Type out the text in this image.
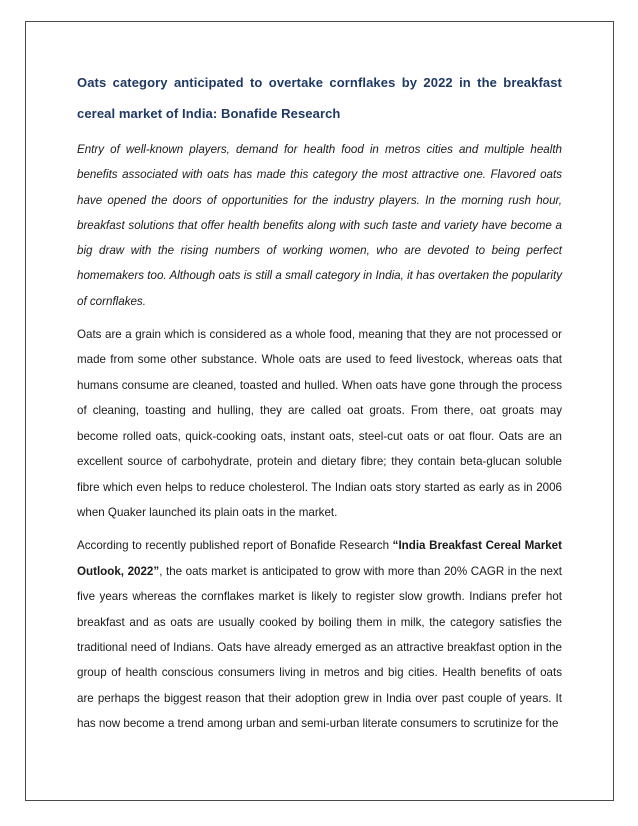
Oats category anticipated to overtake cornflakes by 2022 in the breakfast cereal market of India: Bonafide Research

Entry of well-known players, demand for health food in metros cities and multiple health benefits associated with oats has made this category the most attractive one. Flavored oats have opened the doors of opportunities for the industry players. In the morning rush hour, breakfast solutions that offer health benefits along with such taste and variety have become a big draw with the rising numbers of working women, who are devoted to being perfect homemakers too. Although oats is still a small category in India, it has overtaken the popularity of cornflakes.

Oats are a grain which is considered as a whole food, meaning that they are not processed or made from some other substance. Whole oats are used to feed livestock, whereas oats that humans consume are cleaned, toasted and hulled. When oats have gone through the process of cleaning, toasting and hulling, they are called oat groats. From there, oat groats may become rolled oats, quick-cooking oats, instant oats, steel-cut oats or oat flour. Oats are an excellent source of carbohydrate, protein and dietary fibre; they contain beta-glucan soluble fibre which even helps to reduce cholesterol. The Indian oats story started as early as in 2006 when Quaker launched its plain oats in the market.

According to recently published report of Bonafide Research “India Breakfast Cereal Market Outlook, 2022”, the oats market is anticipated to grow with more than 20% CAGR in the next five years whereas the cornflakes market is likely to register slow growth. Indians prefer hot breakfast and as oats are usually cooked by boiling them in milk, the category satisfies the traditional need of Indians. Oats have already emerged as an attractive breakfast option in the group of health conscious consumers living in metros and big cities. Health benefits of oats are perhaps the biggest reason that their adoption grew in India over past couple of years. It has now become a trend among urban and semi-urban literate consumers to scrutinize for the
